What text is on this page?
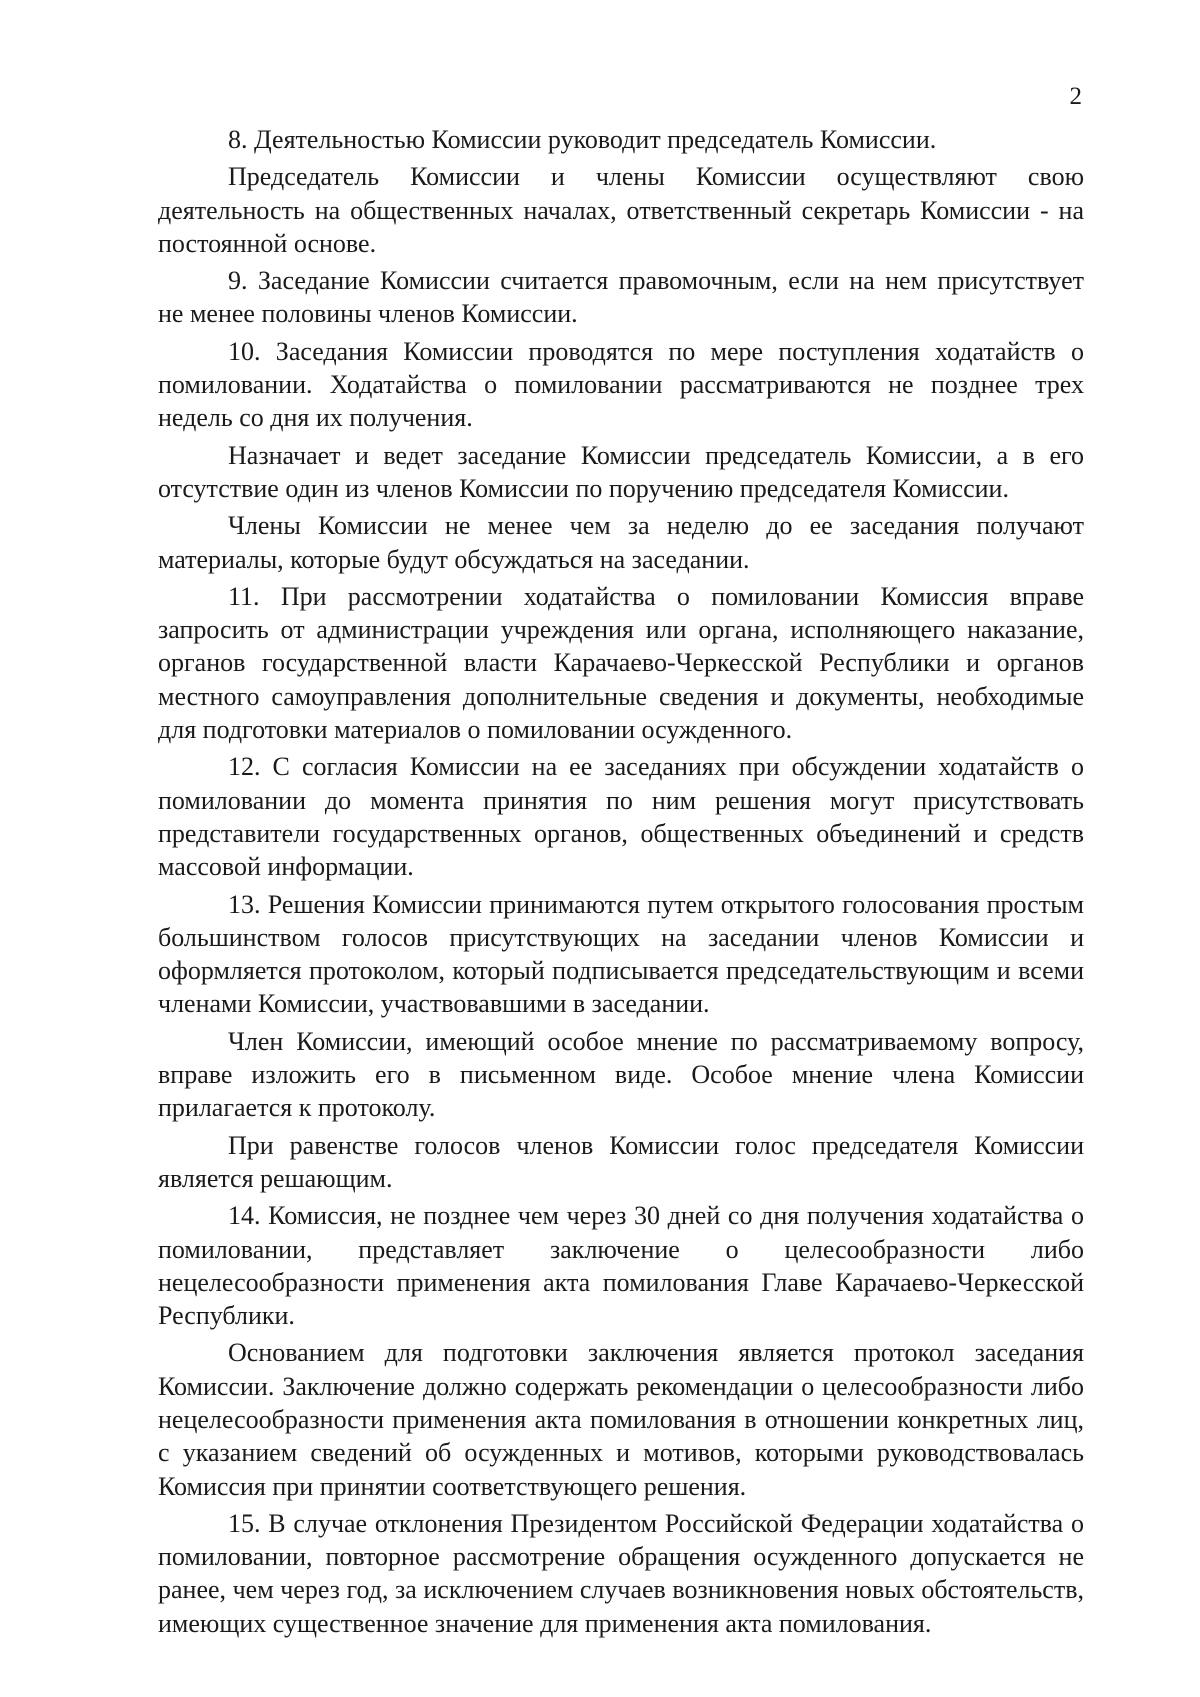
2

8. Деятельностью Комиссии руководит председатель Комиссии.

Председатель Комиссии и члены Комиссии осуществляют свою деятельность на общественных началах, ответственный секретарь Комиссии - на постоянной основе.

9. Заседание Комиссии считается правомочным, если на нем присутствует не менее половины членов Комиссии.

10. Заседания Комиссии проводятся по мере поступления ходатайств о помиловании. Ходатайства о помиловании рассматриваются не позднее трех недель со дня их получения.

Назначает и ведет заседание Комиссии председатель Комиссии, а в его отсутствие один из членов Комиссии по поручению председателя Комиссии.

Члены Комиссии не менее чем за неделю до ее заседания получают материалы, которые будут обсуждаться на заседании.

11. При рассмотрении ходатайства о помиловании Комиссия вправе запросить от администрации учреждения или органа, исполняющего наказание, органов государственной власти Карачаево-Черкесской Республики и органов местного самоуправления дополнительные сведения и документы, необходимые для подготовки материалов о помиловании осужденного.

12. С согласия Комиссии на ее заседаниях при обсуждении ходатайств о помиловании до момента принятия по ним решения могут присутствовать представители государственных органов, общественных объединений и средств массовой информации.

13. Решения Комиссии принимаются путем открытого голосования простым большинством голосов присутствующих на заседании членов Комиссии и оформляется протоколом, который подписывается председательствующим и всеми членами Комиссии, участвовавшими в заседании.

Член Комиссии, имеющий особое мнение по рассматриваемому вопросу, вправе изложить его в письменном виде. Особое мнение члена Комиссии прилагается к протоколу.

При равенстве голосов членов Комиссии голос председателя Комиссии является решающим.

14. Комиссия, не позднее чем через 30 дней со дня получения ходатайства о помиловании, представляет заключение о целесообразности либо нецелесообразности применения акта помилования Главе Карачаево-Черкесской Республики.

Основанием для подготовки заключения является протокол заседания Комиссии. Заключение должно содержать рекомендации о целесообразности либо нецелесообразности применения акта помилования в отношении конкретных лиц, с указанием сведений об осужденных и мотивов, которыми руководствовалась Комиссия при принятии соответствующего решения.

15. В случае отклонения Президентом Российской Федерации ходатайства о помиловании, повторное рассмотрение обращения осужденного допускается не ранее, чем через год, за исключением случаев возникновения новых обстоятельств, имеющих существенное значение для применения акта помилования.
